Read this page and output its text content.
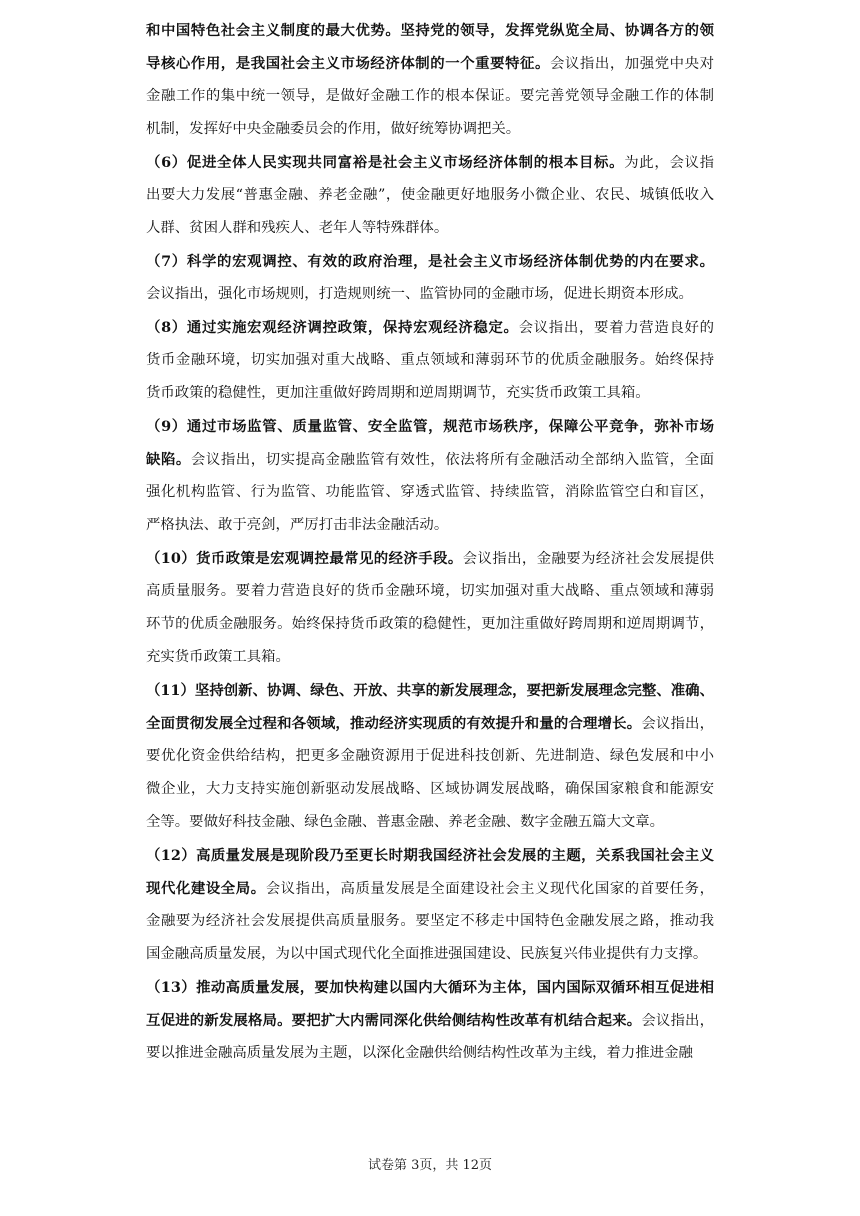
和中国特色社会主义制度的最大优势。坚持党的领导，发挥党纵览全局、协调各方的领
导核心作用，是我国社会主义市场经济体制的一个重要特征。会议指出，加强党中央对
金融工作的集中统一领导，是做好金融工作的根本保证。要完善党领导金融工作的体制
机制，发挥好中央金融委员会的作用，做好统筹协调把关。
（6）促进全体人民实现共同富裕是社会主义市场经济体制的根本目标。为此，会议指
出要大力发展“普惠金融、养老金融”，使金融更好地服务小微企业、农民、城镇低收入
人群、贫困人群和残疾人、老年人等特殊群体。
（7）科学的宏观调控、有效的政府治理，是社会主义市场经济体制优势的内在要求。
会议指出，强化市场规则，打造规则统一、监管协同的金融市场，促进长期资本形成。
（8）通过实施宏观经济调控政策，保持宏观经济稳定。会议指出，要着力营造良好的
货币金融环境，切实加强对重大战略、重点领域和薄弱环节的优质金融服务。始终保持
货币政策的稳健性，更加注重做好跨周期和逆周期调节，充实货币政策工具箱。
（9）通过市场监管、质量监管、安全监管，规范市场秩序，保障公平竞争，弥补市场
缺陷。会议指出，切实提高金融监管有效性，依法将所有金融活动全部纳入监管，全面
强化机构监管、行为监管、功能监管、穿透式监管、持续监管，消除监管空白和盲区，
严格执法、敢于亮剑，严厉打击非法金融活动。
（10）货币政策是宏观调控最常见的经济手段。会议指出，金融要为经济社会发展提供
高质量服务。要着力营造良好的货币金融环境，切实加强对重大战略、重点领域和薄弱
环节的优质金融服务。始终保持货币政策的稳健性，更加注重做好跨周期和逆周期调节，
充实货币政策工具箱。
（11）坚持创新、协调、绿色、开放、共享的新发展理念，要把新发展理念完整、准确、
全面贯彻发展全过程和各领域，推动经济实现质的有效提升和量的合理增长。会议指出，
要优化资金供给结构，把更多金融资源用于促进科技创新、先进制造、绿色发展和中小
微企业，大力支持实施创新驱动发展战略、区域协调发展战略，确保国家粮食和能源安
全等。要做好科技金融、绿色金融、普惠金融、养老金融、数字金融五篇大文章。
（12）高质量发展是现阶段乃至更长时期我国经济社会发展的主题，关系我国社会主义
现代化建设全局。会议指出，高质量发展是全面建设社会主义现代化国家的首要任务，
金融要为经济社会发展提供高质量服务。要坚定不移走中国特色金融发展之路，推动我
国金融高质量发展，为以中国式现代化全面推进强国建设、民族复兴伟业提供有力支撑。
（13）推动高质量发展，要加快构建以国内大循环为主体，国内国际双循环相互促进相
互促进的新发展格局。要把扩大内需同深化供给侧结构性改革有机结合起来。会议指出，
要以推进金融高质量发展为主题，以深化金融供给侧结构性改革为主线，着力推进金融
试卷第 3页，共 12页
